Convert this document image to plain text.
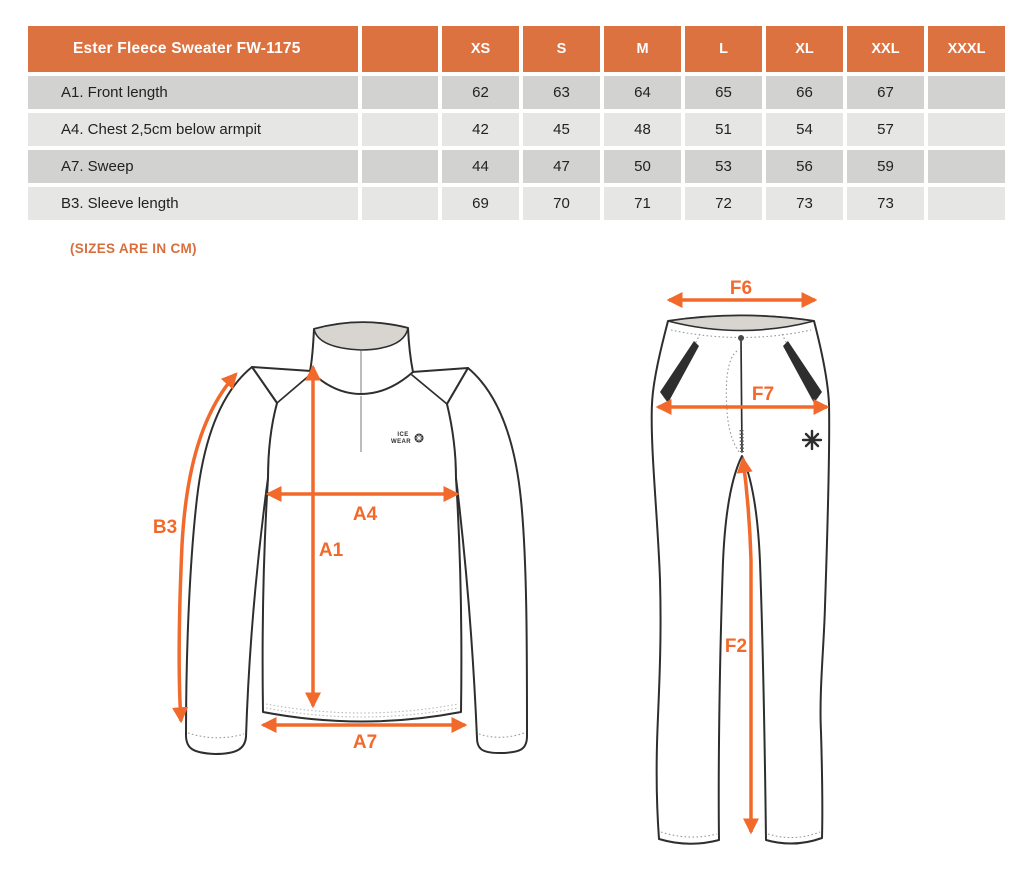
Ester Fleece Sweater FW-1175	XS	S	M	L	XL	XXL	XXXL
A1. Front length	62	63	64	65	66	67
A4. Chest 2,5cm below armpit	42	45	48	51	54	57
A7. Sweep	44	47	50	53	56	59
B3. Sleeve length	69	70	71	72	73	73
(SIZES ARE IN CM)
ICE
WEAR
B3
A4
A1
A7
F6
F7
F2
